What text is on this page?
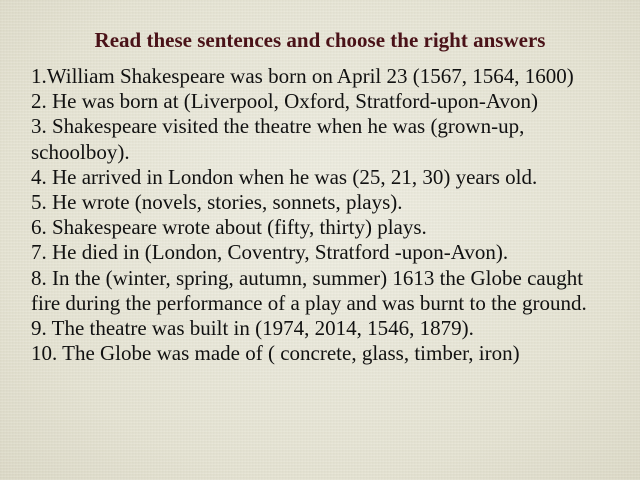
Read these sentences and choose the right answers

1.William Shakespeare was born on April 23 (1567, 1564, 1600)

2. He was born at (Liverpool, Oxford, Stratford-upon-Avon)

3. Shakespeare visited the theatre when he was (grown-up, schoolboy).

4. He arrived in London when he was (25, 21, 30) years old.

5. He wrote (novels, stories, sonnets, plays).

6. Shakespeare wrote about (fifty, thirty) plays.

7. He died in (London, Coventry, Stratford -upon-Avon).

8. In the (winter, spring, autumn, summer) 1613 the Globe caught fire during the performance of a play and was burnt to the ground.

9. The theatre was built in (1974, 2014, 1546, 1879).

10. The Globe was made of ( concrete, glass, timber, iron)
